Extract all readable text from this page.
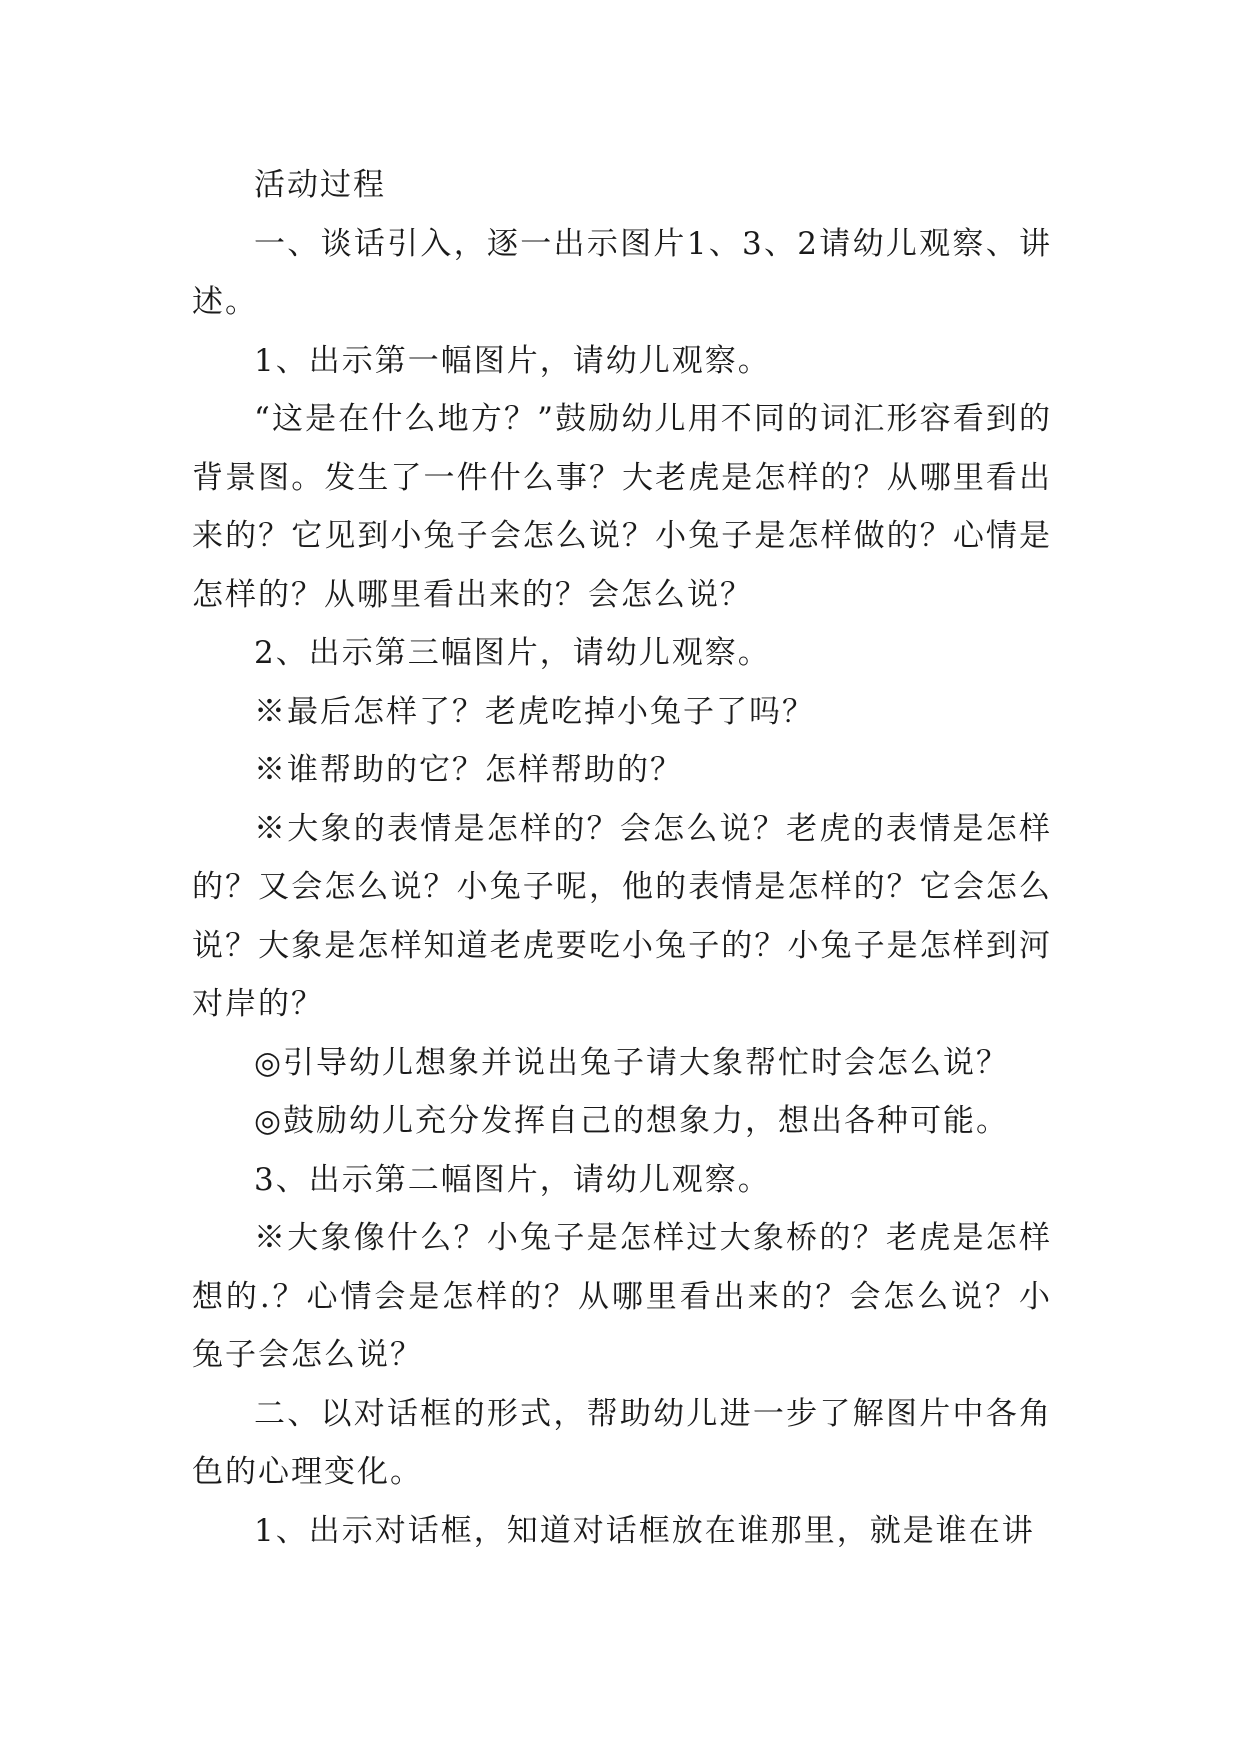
活动过程

一、谈话引入，逐一出示图片1、3、2请幼儿观察、讲述。

1、出示第一幅图片，请幼儿观察。

“这是在什么地方？”鼓励幼儿用不同的词汇形容看到的背景图。发生了一件什么事？大老虎是怎样的？从哪里看出来的？它见到小兔子会怎么说？小兔子是怎样做的？心情是怎样的？从哪里看出来的？会怎么说？

2、出示第三幅图片，请幼儿观察。

※最后怎样了？老虎吃掉小兔子了吗？

※谁帮助的它？怎样帮助的？

※大象的表情是怎样的？会怎么说？老虎的表情是怎样的？又会怎么说？小兔子呢，他的表情是怎样的？它会怎么说？大象是怎样知道老虎要吃小兔子的？小兔子是怎样到河对岸的？

◎引导幼儿想象并说出兔子请大象帮忙时会怎么说？

◎鼓励幼儿充分发挥自己的想象力，想出各种可能。

3、出示第二幅图片，请幼儿观察。

※大象像什么？小兔子是怎样过大象桥的？老虎是怎样想的.？心情会是怎样的？从哪里看出来的？会怎么说？小兔子会怎么说？

二、以对话框的形式，帮助幼儿进一步了解图片中各角色的心理变化。

1、出示对话框，知道对话框放在谁那里，就是谁在讲
